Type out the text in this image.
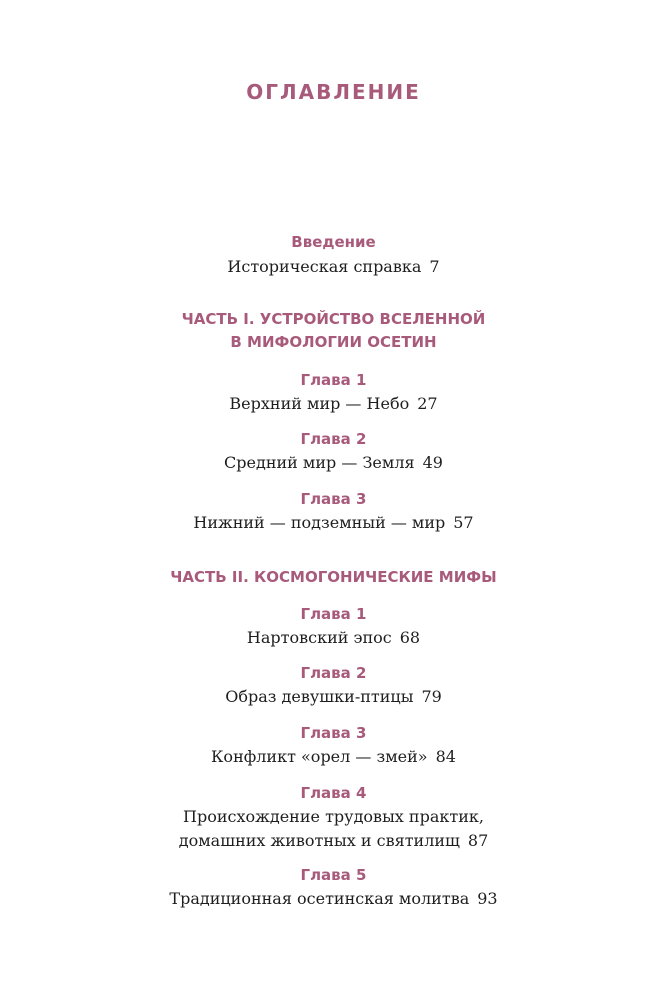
ОГЛАВЛЕНИЕ
Введение
Историческая справка 7
ЧАСТЬ I. УСТРОЙСТВО ВСЕЛЕННОЙ
В МИФОЛОГИИ ОСЕТИН
Глава 1
Верхний мир — Небо 27
Глава 2
Средний мир — Земля 49
Глава 3
Нижний — подземный — мир 57
ЧАСТЬ II. КОСМОГОНИЧЕСКИЕ МИФЫ
Глава 1
Нартовский эпос 68
Глава 2
Образ девушки-птицы 79
Глава 3
Конфликт «орел — змей» 84
Глава 4
Происхождение трудовых практик,
домашних животных и святилищ 87
Глава 5
Традиционная осетинская молитва 93
